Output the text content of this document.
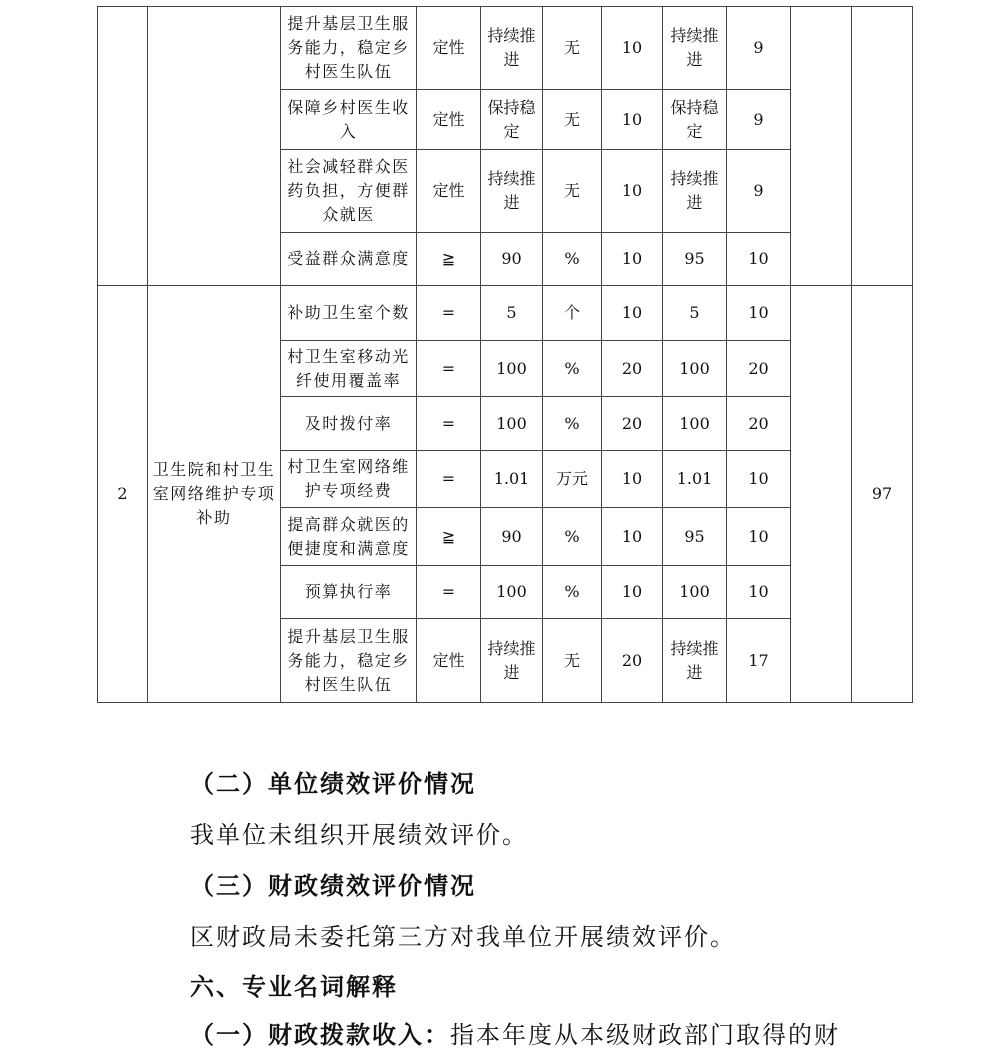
		提升基层卫生服务能力，稳定乡村医生队伍	定性	持续推进	无	10	持续推进	9		
		保障乡村医生收入	定性	保持稳定	无	10	保持稳定	9		
		社会减轻群众医药负担，方便群众就医	定性	持续推进	无	10	持续推进	9		
		受益群众满意度	≧	90	%	10	95	10		
2	卫生院和村卫生室网络维护专项补助	补助卫生室个数	=	5	个	10	5	10		97
		村卫生室移动光纤使用覆盖率	=	100	%	20	100	20		
		及时拨付率	=	100	%	20	100	20		
		村卫生室网络维护专项经费	=	1.01	万元	10	1.01	10		
		提高群众就医的便捷度和满意度	≧	90	%	10	95	10		
		预算执行率	=	100	%	10	100	10		
		提升基层卫生服务能力，稳定乡村医生队伍	定性	持续推进	无	20	持续推进	17		
（二）单位绩效评价情况
我单位未组织开展绩效评价。
（三）财政绩效评价情况
区财政局未委托第三方对我单位开展绩效评价。
六、专业名词解释
（一）财政拨款收入：指本年度从本级财政部门取得的财
